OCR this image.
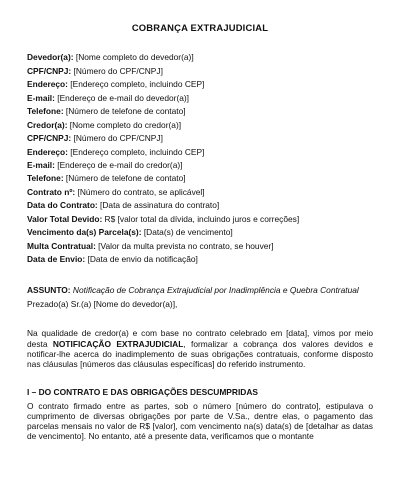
COBRANÇA EXTRAJUDICIAL
Devedor(a): [Nome completo do devedor(a)]
CPF/CNPJ: [Número do CPF/CNPJ]
Endereço: [Endereço completo, incluindo CEP]
E-mail: [Endereço de e-mail do devedor(a)]
Telefone: [Número de telefone de contato]
Credor(a): [Nome completo do credor(a)]
CPF/CNPJ: [Número do CPF/CNPJ]
Endereço: [Endereço completo, incluindo CEP]
E-mail: [Endereço de e-mail do credor(a)]
Telefone: [Número de telefone de contato]
Contrato nº: [Número do contrato, se aplicável]
Data do Contrato: [Data de assinatura do contrato]
Valor Total Devido: R$ [valor total da dívida, incluindo juros e correções]
Vencimento da(s) Parcela(s): [Data(s) de vencimento]
Multa Contratual: [Valor da multa prevista no contrato, se houver]
Data de Envio: [Data de envio da notificação]
ASSUNTO: Notificação de Cobrança Extrajudicial por Inadimplência e Quebra Contratual
Prezado(a) Sr.(a) [Nome do devedor(a)],
Na qualidade de credor(a) e com base no contrato celebrado em [data], vimos por meio desta NOTIFICAÇÃO EXTRAJUDICIAL, formalizar a cobrança dos valores devidos e notificar-lhe acerca do inadimplemento de suas obrigações contratuais, conforme disposto nas cláusulas [números das cláusulas específicas] do referido instrumento.
I – DO CONTRATO E DAS OBRIGAÇÕES DESCUMPRIDAS
O contrato firmado entre as partes, sob o número [número do contrato], estipulava o cumprimento de diversas obrigações por parte de V.Sa., dentre elas, o pagamento das parcelas mensais no valor de R$ [valor], com vencimento na(s) data(s) de [detalhar as datas de vencimento]. No entanto, até a presente data, verificamos que o montante
